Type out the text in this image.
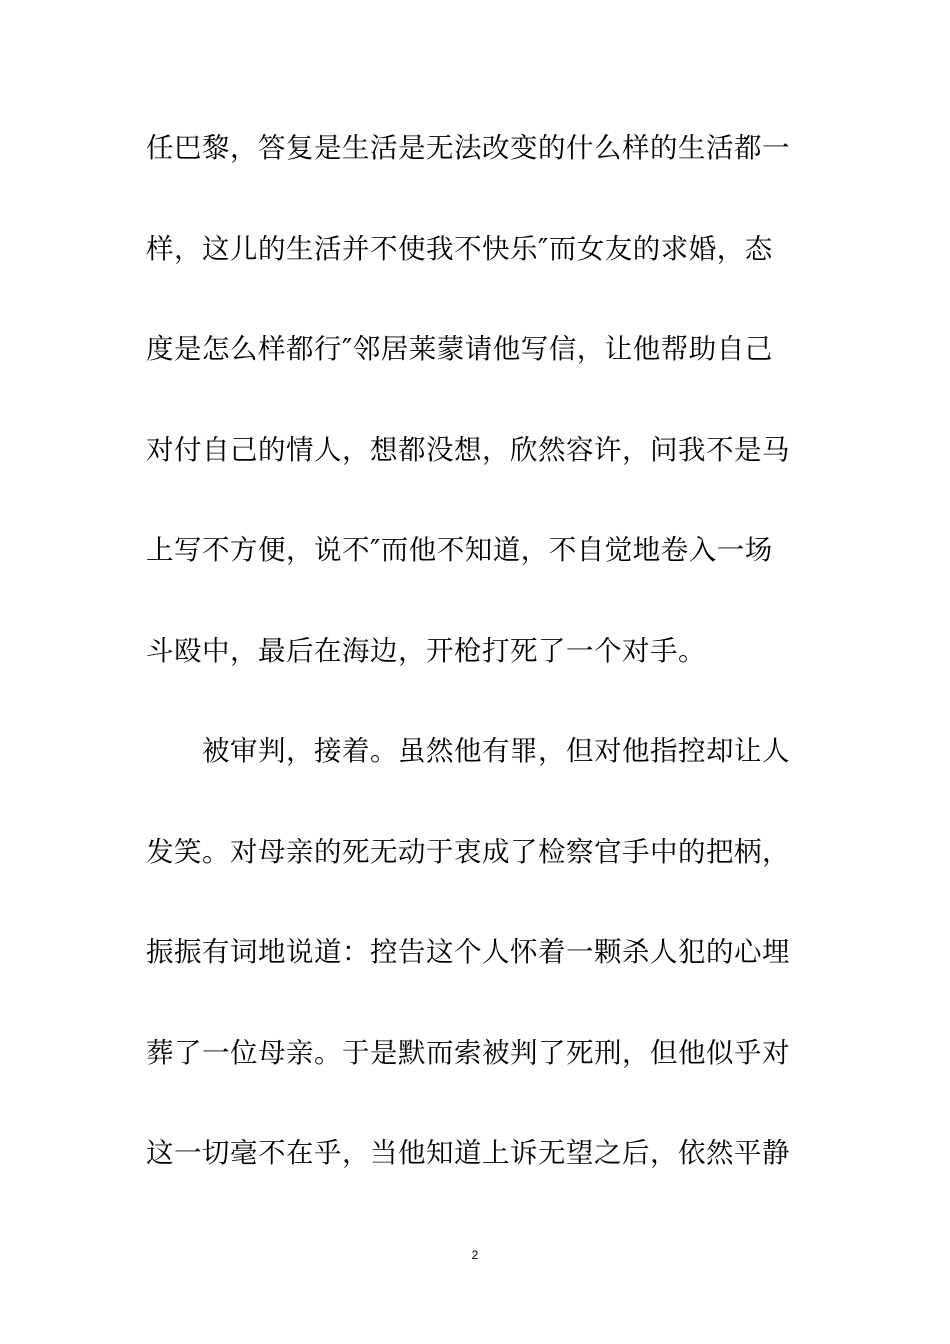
任巴黎，答复是生活是无法改变的什么样的生活都一
样，这儿的生活并不使我不快乐″而女友的求婚，态
度是怎么样都行″邻居莱蒙请他写信，让他帮助自己
对付自己的情人，想都没想，欣然容许，问我不是马
上写不方便，说不″而他不知道，不自觉地卷入一场
斗殴中，最后在海边，开枪打死了一个对手。
　　被审判，接着。虽然他有罪，但对他指控却让人
发笑。对母亲的死无动于衷成了检察官手中的把柄，
振振有词地说道：控告这个人怀着一颗杀人犯的心埋
葬了一位母亲。于是默而索被判了死刑，但他似乎对
这一切毫不在乎，当他知道上诉无望之后，依然平静
2
